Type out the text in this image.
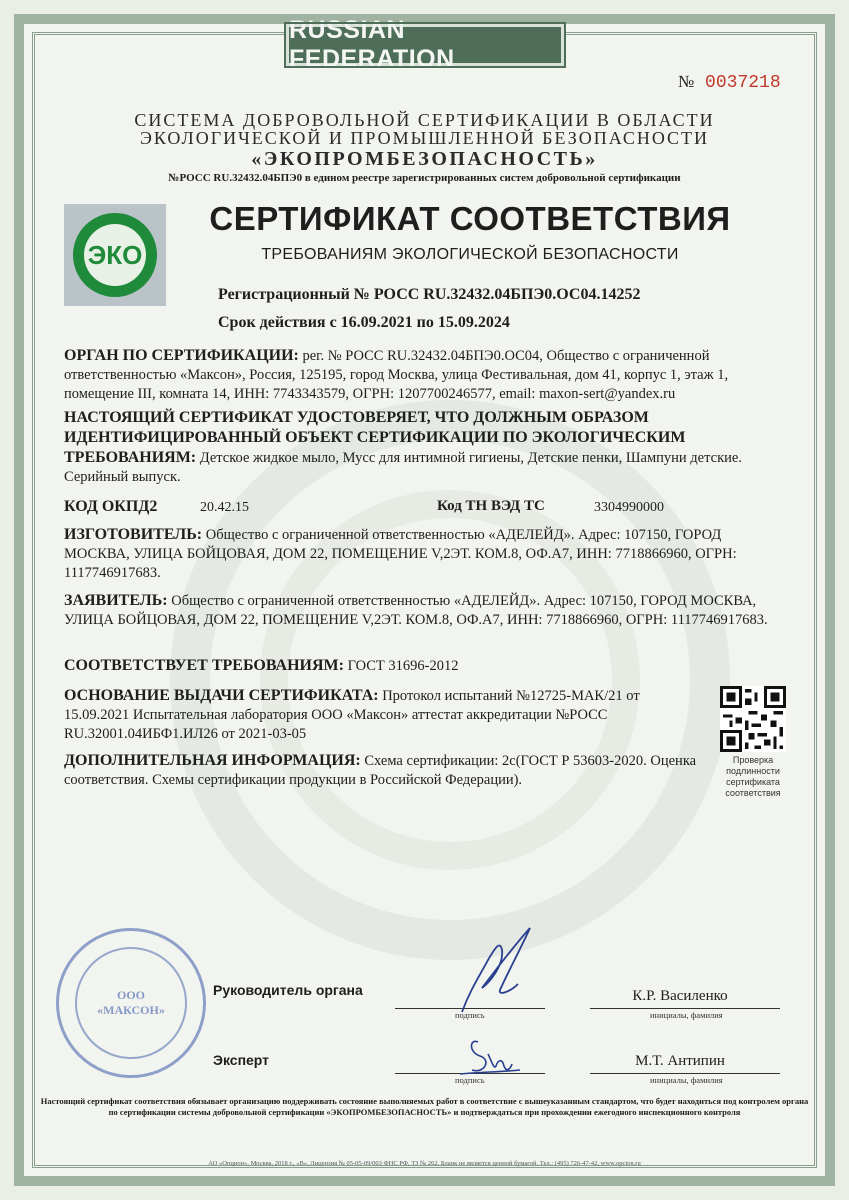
RUSSIAN FEDERATION
№ 0037218
СИСТЕМА ДОБРОВОЛЬНОЙ СЕРТИФИКАЦИИ В ОБЛАСТИ
ЭКОЛОГИЧЕСКОЙ И ПРОМЫШЛЕННОЙ БЕЗОПАСНОСТИ
«ЭКОПРОМБЕЗОПАСНОСТЬ»
№РОСС RU.32432.04БПЭ0 в едином реестре зарегистрированных систем добровольной сертификации
ЭКО
СЕРТИФИКАТ СООТВЕТСТВИЯ
ТРЕБОВАНИЯМ ЭКОЛОГИЧЕСКОЙ БЕЗОПАСНОСТИ
Регистрационный № РОСС RU.32432.04БПЭ0.ОС04.14252
Срок действия с 16.09.2021 по 15.09.2024
ОРГАН ПО СЕРТИФИКАЦИИ: рег. № РОСС RU.32432.04БПЭ0.ОС04, Общество с ограниченной ответственностью «Максон», Россия, 125195, город Москва, улица Фестивальная, дом 41, корпус 1, этаж 1, помещение III, комната 14, ИНН: 7743343579, ОГРН: 1207700246577, email: maxon-sert@yandex.ru
НАСТОЯЩИЙ СЕРТИФИКАТ УДОСТОВЕРЯЕТ, ЧТО ДОЛЖНЫМ ОБРАЗОМ ИДЕНТИФИЦИРОВАННЫЙ ОБЪЕКТ СЕРТИФИКАЦИИ ПО ЭКОЛОГИЧЕСКИМ ТРЕБОВАНИЯМ: Детское жидкое мыло, Мусс для интимной гигиены, Детские пенки, Шампуни детские. Серийный выпуск.
КОД ОКПД2	20.42.15	Код ТН ВЭД ТС	3304990000
ИЗГОТОВИТЕЛЬ: Общество с ограниченной ответственностью «АДЕЛЕЙД». Адрес: 107150, ГОРОД МОСКВА, УЛИЦА БОЙЦОВАЯ, ДОМ 22, ПОМЕЩЕНИЕ V,2ЭТ. КОМ.8, ОФ.А7, ИНН: 7718866960, ОГРН: 1117746917683.
ЗАЯВИТЕЛЬ: Общество с ограниченной ответственностью «АДЕЛЕЙД». Адрес: 107150, ГОРОД МОСКВА, УЛИЦА БОЙЦОВАЯ, ДОМ 22, ПОМЕЩЕНИЕ V,2ЭТ. КОМ.8, ОФ.А7, ИНН: 7718866960, ОГРН: 1117746917683.
СООТВЕТСТВУЕТ ТРЕБОВАНИЯМ: ГОСТ 31696-2012
ОСНОВАНИЕ ВЫДАЧИ СЕРТИФИКАТА: Протокол испытаний №12725-МАК/21 от 15.09.2021 Испытательная лаборатория ООО «Максон» аттестат аккредитации №РОСС RU.32001.04ИБФ1.ИЛ26 от 2021-03-05
ДОПОЛНИТЕЛЬНАЯ ИНФОРМАЦИЯ: Схема сертификации: 2с(ГОСТ Р 53603-2020. Оценка соответствия. Схемы сертификации продукции в Российской Федерации).
Проверка подлинности сертификата соответствия
ООО
«МАКСОН»
Руководитель органа
подпись
К.Р. Василенко
инициалы, фамилия
Эксперт
подпись
М.Т. Антипин
инициалы, фамилия
Настоящий сертификат соответствия обязывает организацию поддерживать состояние выполняемых работ в соответствие с вышеуказанным стандартом, что будет находиться под контролем органа по сертификации системы добровольной сертификации «ЭКОПРОМБЕЗОПАСНОСТЬ» и подтверждаться при прохождении ежегодного инспекционного контроля
АО «Опцион», Москва, 2018 г., «В», Лицензия № 05-05-09/003 ФНС РФ, ТЗ № 262. Бланк не является ценной бумагой. Тел.: (495) 726-47-42, www.opcion.ru
